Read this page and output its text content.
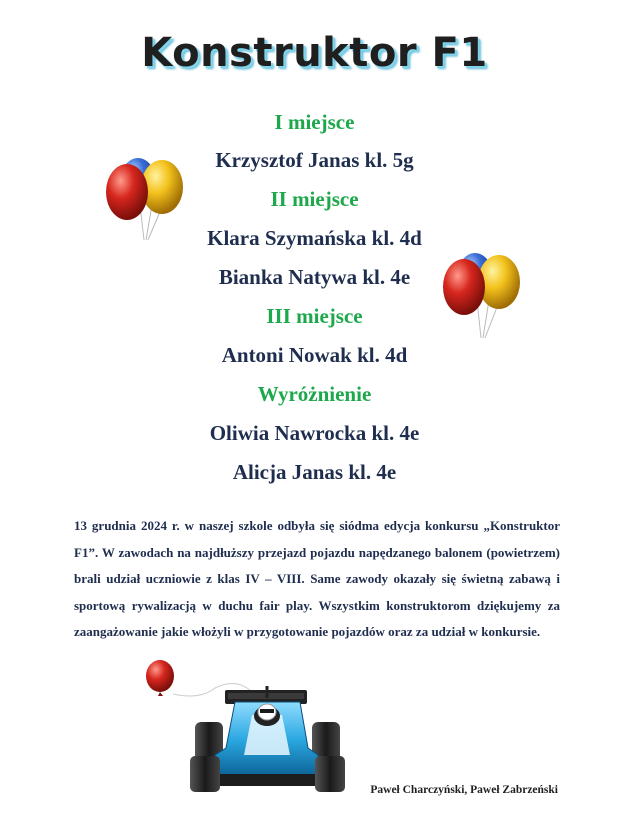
Konstruktor F1
I miejsce
Krzysztof Janas kl. 5g
II miejsce
Klara Szymańska kl. 4d
Bianka Natywa kl. 4e
III miejsce
Antoni Nowak kl. 4d
Wyróżnienie
Oliwia Nawrocka kl. 4e
Alicja Janas kl. 4e

13 grudnia 2024 r. w naszej szkole odbyła się siódma edycja konkursu „Konstruktor F1”. W zawodach na najdłuższy przejazd pojazdu napędzanego balonem (powietrzem) brali udział uczniowie z klas IV – VIII. Same zawody okazały się świetną zabawą i sportową rywalizacją w duchu fair play. Wszystkim konstruktorom dziękujemy za zaangażowanie jakie włożyli w przygotowanie pojazdów oraz za udział w konkursie.

Paweł Charczyński, Paweł Zabrzeński
